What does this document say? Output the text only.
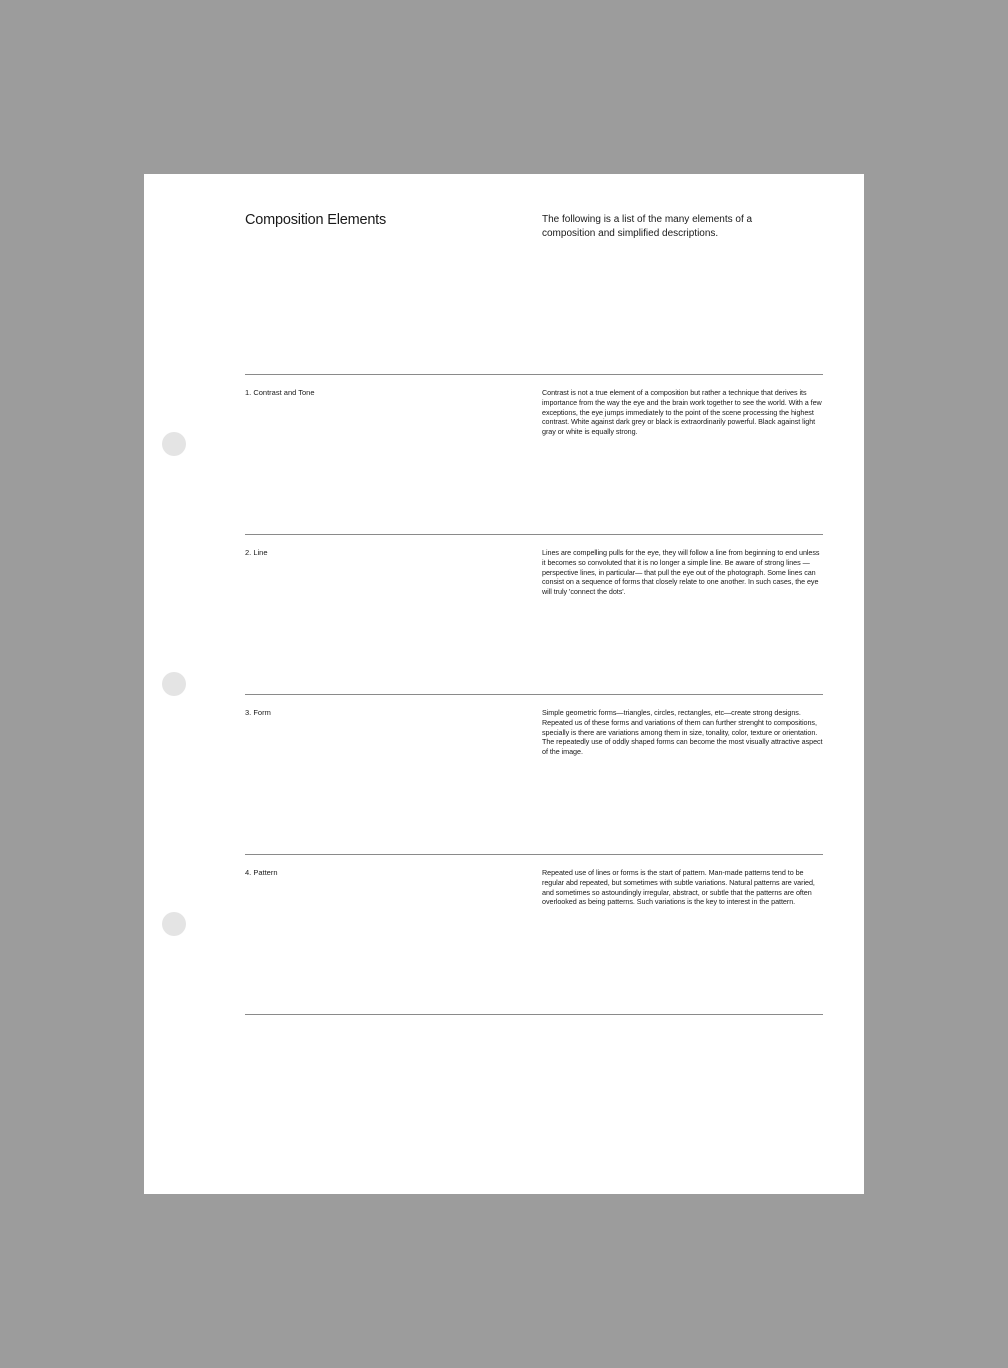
Composition Elements	The following is a list of the many elements of a composition and simplified descriptions.

1. Contrast and Tone	Contrast is not a true element of a composition but rather a technique that derives its importance from the way the eye and the brain work together to see the world. With a few exceptions, the eye jumps immediately to the point of the scene processing the highest contrast. White against dark grey or black is extraordinarily powerful. Black against light gray or white is equally strong.

2. Line	Lines are compelling pulls for the eye, they will follow a line from beginning to end unless it becomes so convoluted that it is no longer a simple line. Be aware of strong lines —perspective lines, in particular— that pull the eye out of the photograph. Some lines can consist on a sequence of forms that closely relate to one another. In such cases, the eye will truly 'connect the dots'.

3. Form	Simple geometric forms—triangles, circles, rectangles, etc—create strong designs. Repeated us of these forms and variations of them can further strenght to compositions, specially is there are variations among them in size, tonality, color, texture or orientation. The repeatedly use of oddly shaped forms can become the most visually attractive aspect of the image.

4. Pattern	Repeated use of lines or forms is the start of pattern. Man-made patterns tend to be regular abd repeated, but sometimes with subtle variations. Natural patterns are varied, and sometimes so astoundingly irregular, abstract, or subtle that the patterns are often overlooked as being patterns. Such variations is the key to interest in the pattern.
